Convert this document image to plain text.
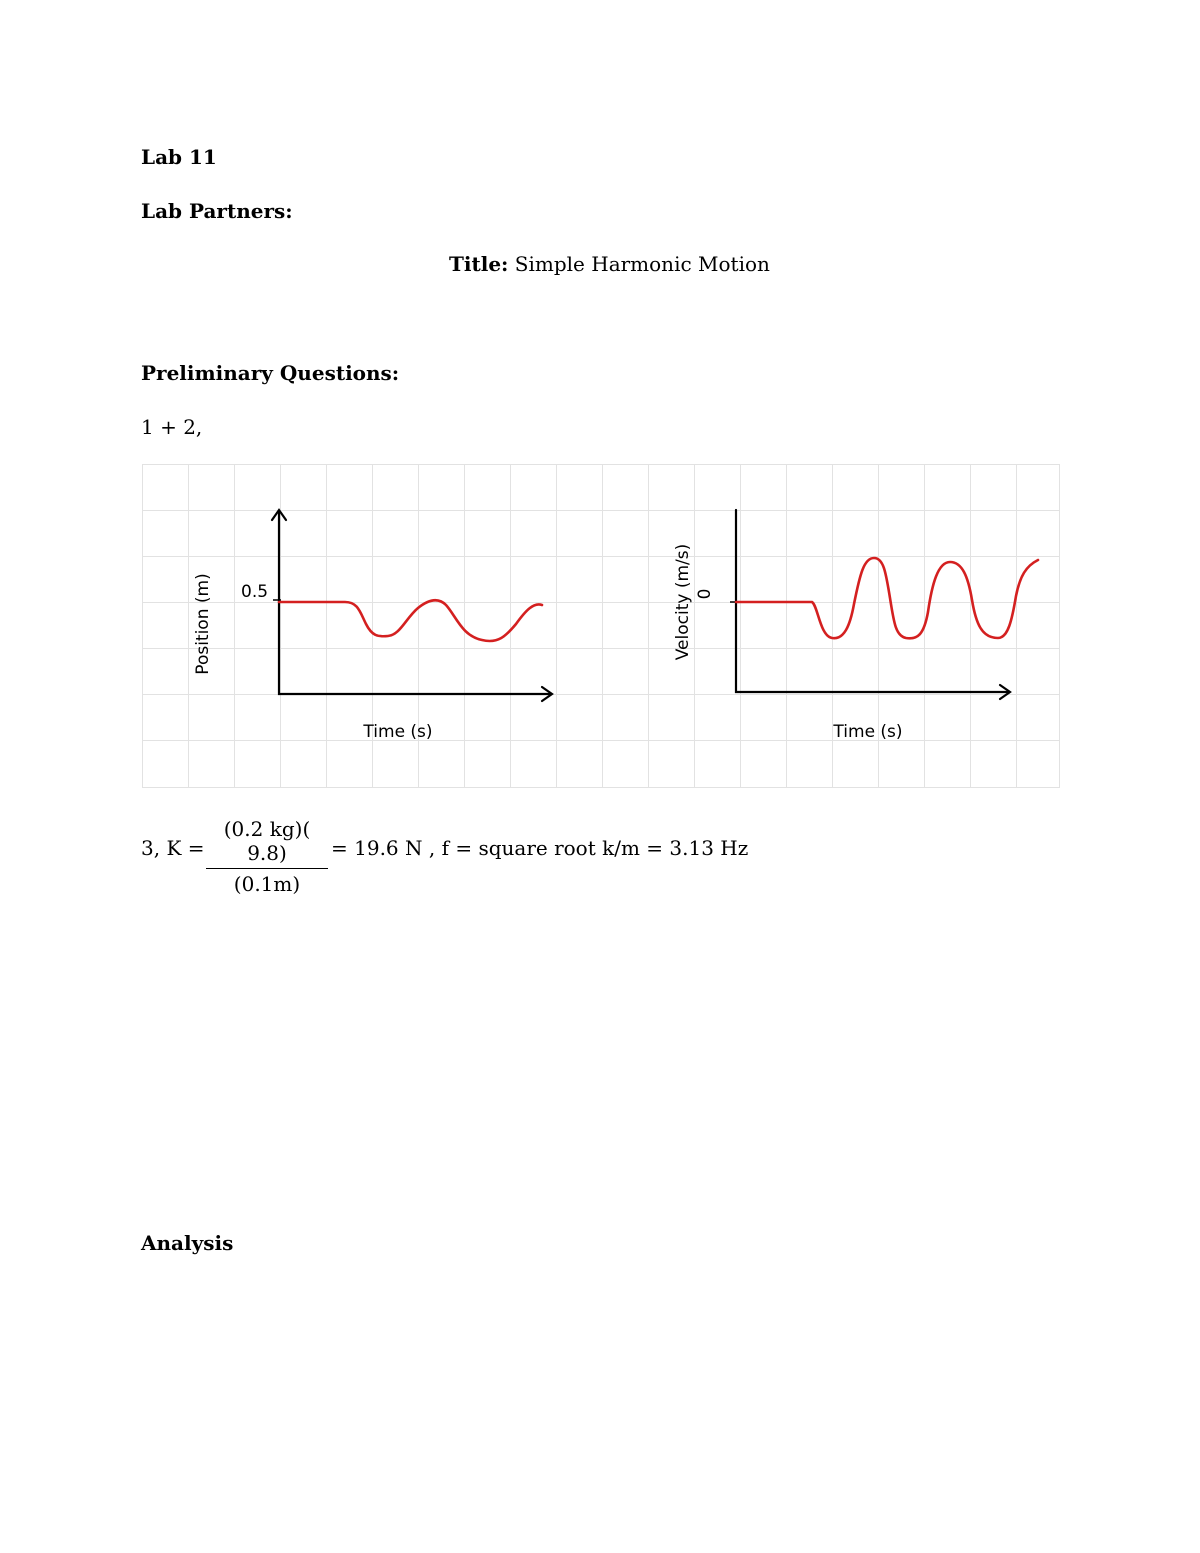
Lab 11
Lab Partners:
Title: Simple Harmonic Motion
Preliminary Questions:
1 + 2,
0.5
Position (m)
Time (s)
0
Velocity (m/s)
Time (s)
3, K =
(0.2 kg)( 9.8)
(0.1m)
= 19.6 N , f = square root k/m = 3.13 Hz
Analysis
